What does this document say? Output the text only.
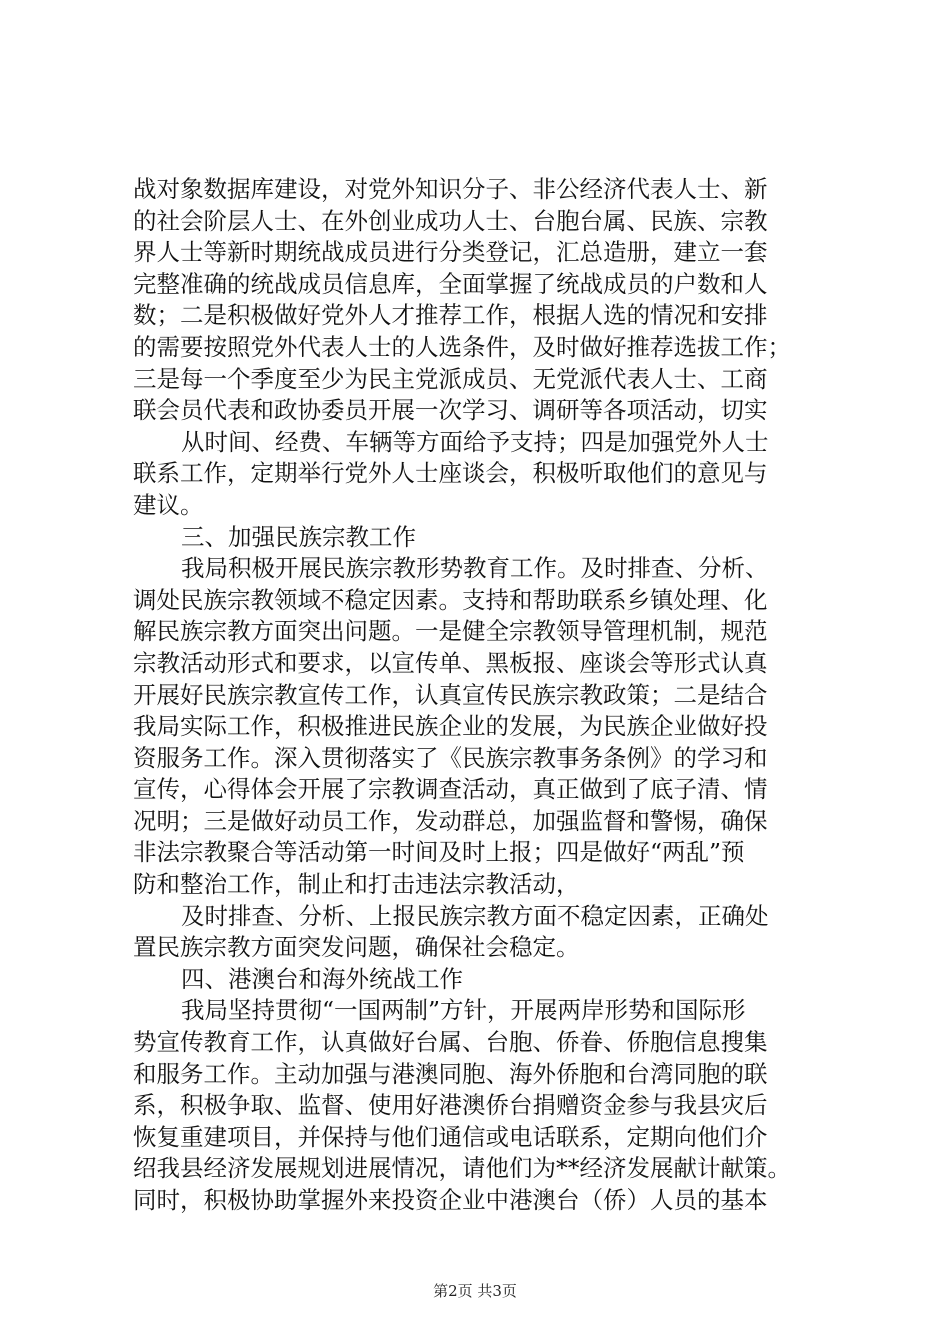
战对象数据库建设，对党外知识分子、非公经济代表人士、新
的社会阶层人士、在外创业成功人士、台胞台属、民族、宗教
界人士等新时期统战成员进行分类登记，汇总造册，建立一套
完整准确的统战成员信息库，全面掌握了统战成员的户数和人
数；二是积极做好党外人才推荐工作，根据人选的情况和安排
的需要按照党外代表人士的人选条件，及时做好推荐选拔工作；
三是每一个季度至少为民主党派成员、无党派代表人士、工商
联会员代表和政协委员开展一次学习、调研等各项活动，切实
从时间、经费、车辆等方面给予支持；四是加强党外人士
联系工作，定期举行党外人士座谈会，积极听取他们的意见与
建议。
三、加强民族宗教工作
我局积极开展民族宗教形势教育工作。及时排查、分析、
调处民族宗教领域不稳定因素。支持和帮助联系乡镇处理、化
解民族宗教方面突出问题。一是健全宗教领导管理机制，规范
宗教活动形式和要求，以宣传单、黑板报、座谈会等形式认真
开展好民族宗教宣传工作，认真宣传民族宗教政策；二是结合
我局实际工作，积极推进民族企业的发展，为民族企业做好投
资服务工作。深入贯彻落实了《民族宗教事务条例》的学习和
宣传，心得体会开展了宗教调查活动，真正做到了底子清、情
况明；三是做好动员工作，发动群总，加强监督和警惕，确保
非法宗教聚合等活动第一时间及时上报；四是做好“两乱”预
防和整治工作，制止和打击违法宗教活动，
及时排查、分析、上报民族宗教方面不稳定因素，正确处
置民族宗教方面突发问题，确保社会稳定。
四、港澳台和海外统战工作
我局坚持贯彻“一国两制”方针，开展两岸形势和国际形
势宣传教育工作，认真做好台属、台胞、侨眷、侨胞信息搜集
和服务工作。主动加强与港澳同胞、海外侨胞和台湾同胞的联
系，积极争取、监督、使用好港澳侨台捐赠资金参与我县灾后
恢复重建项目，并保持与他们通信或电话联系，定期向他们介
绍我县经济发展规划进展情况，请他们为**经济发展献计献策。
同时，积极协助掌握外来投资企业中港澳台（侨）人员的基本
第2页 共3页
